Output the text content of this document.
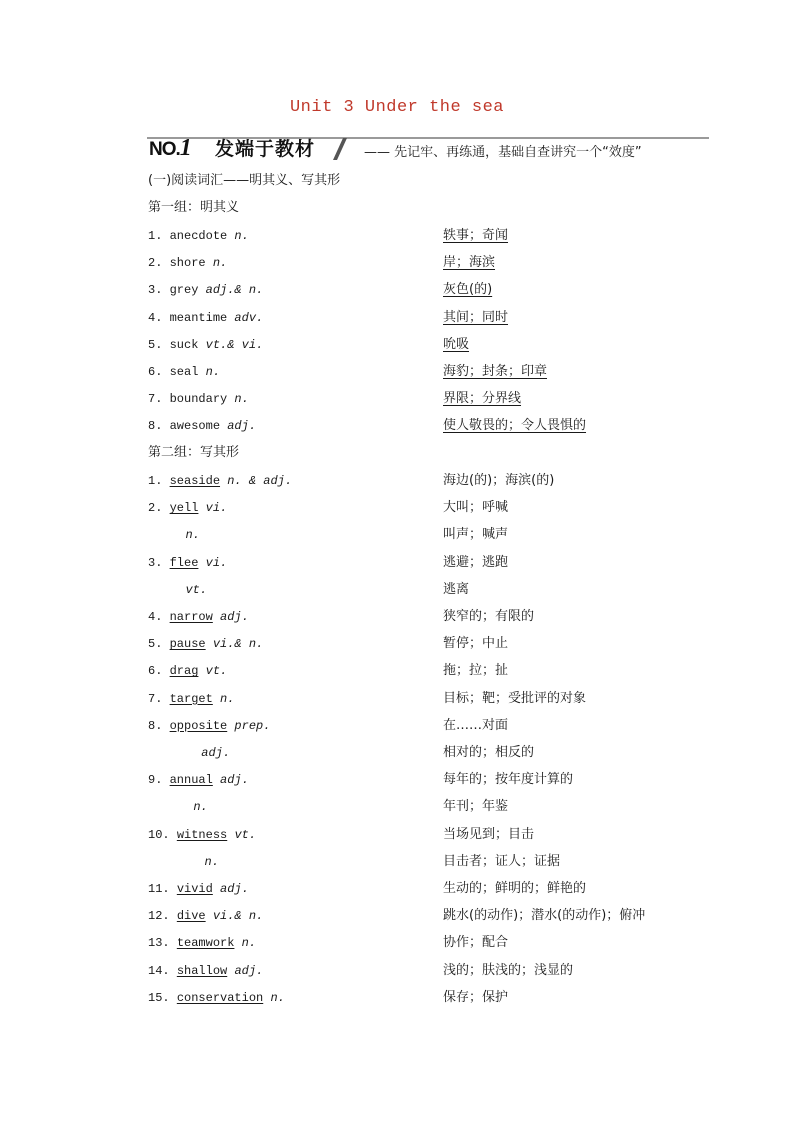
Unit 3 Under the sea
NO.1 发端于教材	—— 先记牢、再练通，基础自查讲究一个“效度”
(一)阅读词汇——明其义、写其形
第一组：明其义
1. anecdote n.	轶事；奇闻
2. shore n.	岸；海滨
3. grey adj.& n.	灰色(的)
4. meantime adv.	其间；同时
5. suck vt.& vi.	吮吸
6. seal n.	海豹；封条；印章
7. boundary n.	界限；分界线
8. awesome adj.	使人敬畏的；令人畏惧的
第二组：写其形
1. seaside n. & adj.	海边(的)；海滨(的)
2. yell vi.	大叫；呼喊
n.	叫声；喊声
3. flee vi.	逃避；逃跑
vt.	逃离
4. narrow adj.	狭窄的；有限的
5. pause vi.& n.	暂停；中止
6. drag vt.	拖；拉；扯
7. target n.	目标；靶；受批评的对象
8. opposite prep.	在……对面
adj.	相对的；相反的
9. annual adj.	每年的；按年度计算的
n.	年刊；年鉴
10. witness vt.	当场见到；目击
n.	目击者；证人；证据
11. vivid adj.	生动的；鲜明的；鲜艳的
12. dive vi.& n.	跳水(的动作)；潜水(的动作)；俯冲
13. teamwork n.	协作；配合
14. shallow adj.	浅的；肤浅的；浅显的
15. conservation n.	保存；保护
